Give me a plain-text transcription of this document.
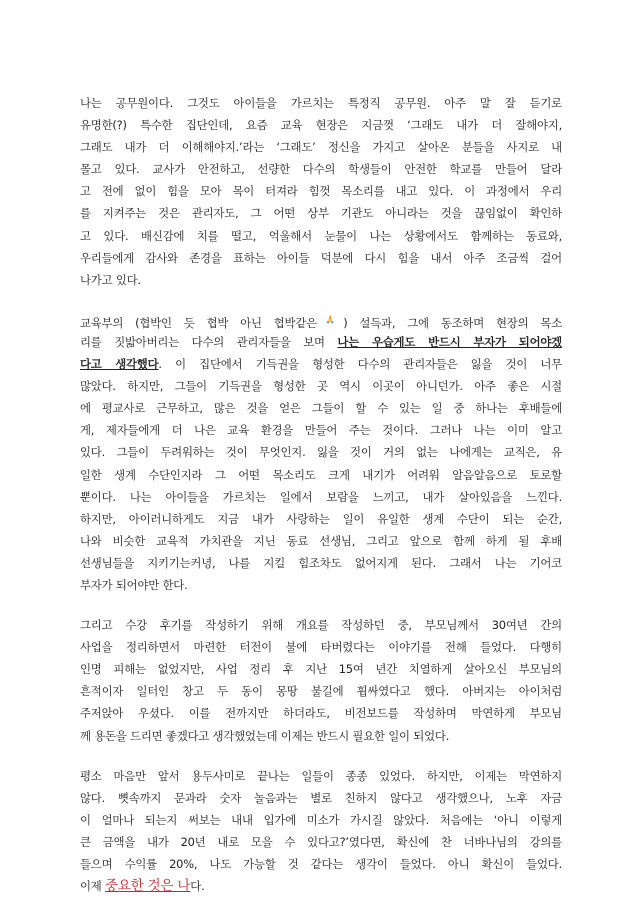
나는 공무원이다. 그것도 아이들을 가르치는 특정직 공무원. 아주 말 잘 듣기로
유명한(?) 특수한 집단인데, 요즘 교육 현장은 지금껏 ‘그래도 내가 더 잘해야지,
그래도 내가 더 이해해야지.’라는 ‘그래도’ 정신을 가지고 살아온 분들을 사지로 내
몰고 있다. 교사가 안전하고, 선량한 다수의 학생들이 안전한 학교를 만들어 달라
고 전에 없이 힘을 모아 목이 터져라 힘껏 목소리를 내고 있다. 이 과정에서 우리
를 지켜주는 것은 관리자도, 그 어떤 상부 기관도 아니라는 것을 끊임없이 확인하
고 있다. 배신감에 치를 떨고, 억울해서 눈물이 나는 상황에서도 함께하는 동료와,
우리들에게 감사와 존경을 표하는 아이들 덕분에 다시 힘을 내서 아주 조금씩 걸어
나가고 있다.
교육부의 (협박인 듯 협박 아닌 협박같은🙏) 설득과, 그에 동조하며 현장의 목소
리를 짓밟아버리는 다수의 관리자들을 보며 나는 우습게도 반드시 부자가 되어야겠
다고 생각했다. 이 집단에서 기득권을 형성한 다수의 관리자들은 잃을 것이 너무
많았다. 하지만, 그들이 기득권을 형성한 곳 역시 이곳이 아니던가. 아주 좋은 시절
에 평교사로 근무하고, 많은 것을 얻은 그들이 할 수 있는 일 중 하나는 후배들에
게, 제자들에게 더 나은 교육 환경을 만들어 주는 것이다. 그러나 나는 이미 알고
있다. 그들이 두려워하는 것이 무엇인지. 잃을 것이 거의 없는 나에게는 교직은, 유
일한 생계 수단인지라 그 어떤 목소리도 크게 내기가 어려워 알음알음으로 토로할
뿐이다. 나는 아이들을 가르치는 일에서 보람을 느끼고, 내가 살아있음을 느낀다.
하지만, 아이러니하게도 지금 내가 사랑하는 일이 유일한 생계 수단이 되는 순간,
나와 비슷한 교육적 가치관을 지닌 동료 선생님, 그리고 앞으로 함께 하게 될 후배
선생님들을 지키기는커녕, 나를 지킬 힘조차도 없어지게 된다. 그래서 나는 기어코
부자가 되어야만 한다.
그리고 수강 후기를 작성하기 위해 개요를 작성하던 중, 부모님께서 30여년 간의
사업을 정리하면서 마련한 터전이 불에 타버렸다는 이야기를 전해 들었다. 다행히
인명 피해는 없었지만, 사업 정리 후 지난 15여 년간 치열하게 살아오신 부모님의
흔적이자 일터인 창고 두 동이 몽땅 불길에 휩싸였다고 했다. 아버지는 아이처럼
주저앉아 우셨다. 이를 전까지만 하더라도, 비전보드를 작성하며 막연하게 부모님
께 용돈을 드리면 좋겠다고 생각했었는데 이제는 반드시 필요한 일이 되었다.
평소 마음만 앞서 용두사미로 끝나는 일들이 종종 있었다. 하지만, 이제는 막연하지
않다. 뼛속까지 문과라 숫자 놀음과는 별로 친하지 않다고 생각했으나, 노후 자금
이 얼마나 되는지 써보는 내내 입가에 미소가 가시질 않았다. 처음에는 ‘아니 이렇게
큰 금액을 내가 20년 내로 모을 수 있다고?’였다면, 확신에 찬 너바나님의 강의를
들으며 수익률 20%, 나도 가능할 것 같다는 생각이 들었다. 아니 확신이 들었다.
이제 중요한 것은 나다.
